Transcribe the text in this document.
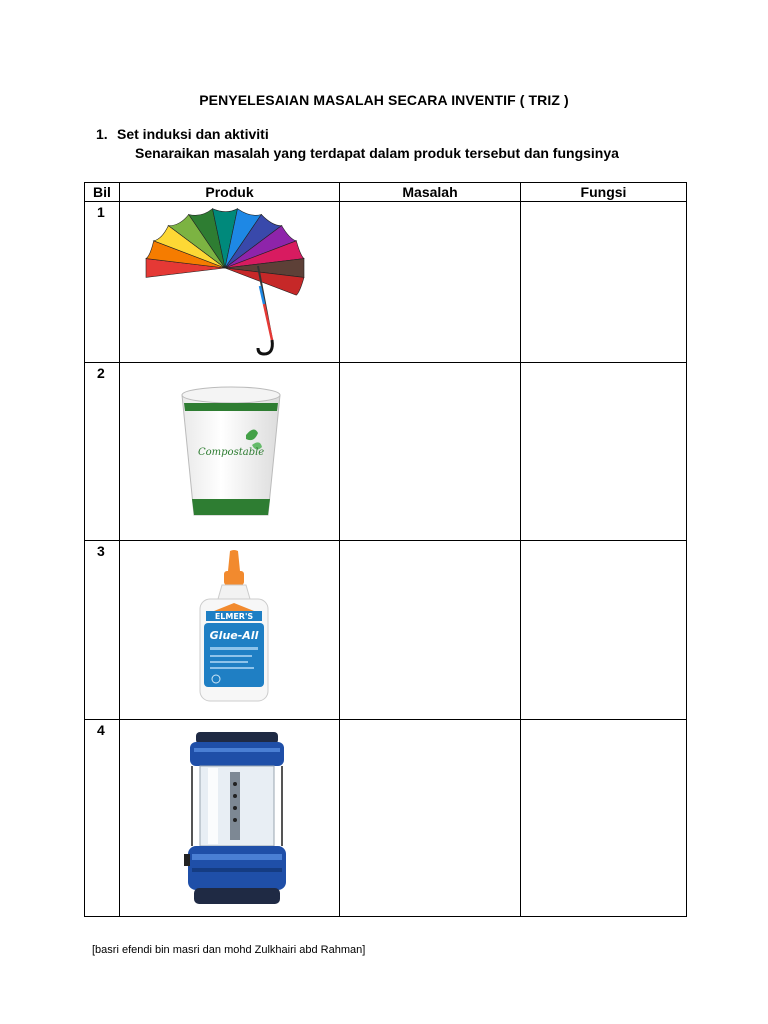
PENYELESAIAN MASALAH SECARA INVENTIF ( TRIZ )
1. Set induksi dan aktiviti
Senaraikan masalah yang terdapat dalam produk tersebut dan fungsinya
Bil	Produk	Masalah	Fungsi
1	

2	Compostable		

3	ELMER'S
Glue-All		

4	

[basri efendi bin masri dan mohd Zulkhairi abd Rahman]
